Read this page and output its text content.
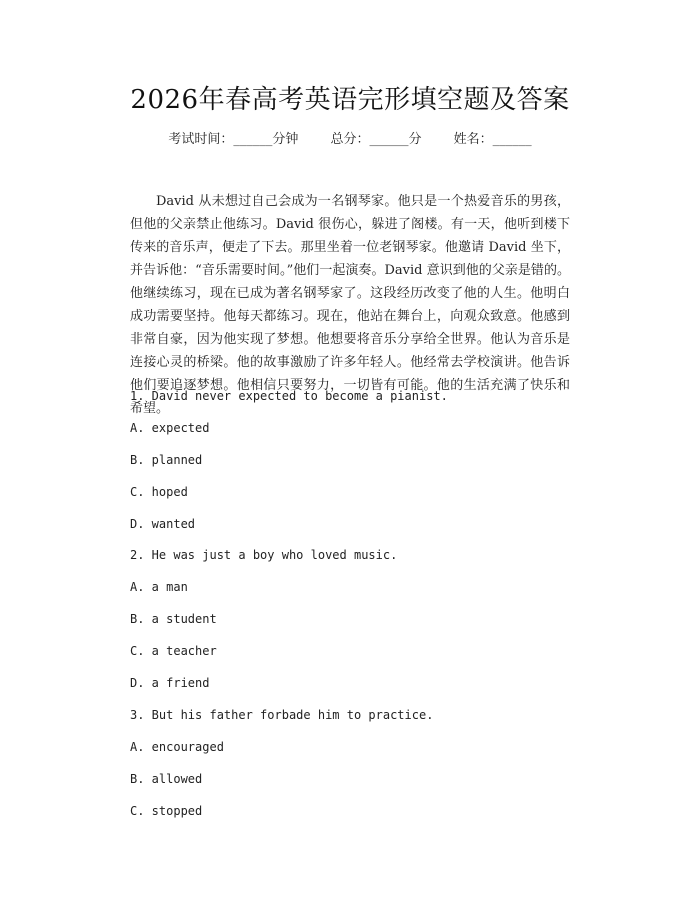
2026年春高考英语完形填空题及答案
考试时间：______分钟 总分：______分 姓名：______
David 从未想过自己会成为一名钢琴家。他只是一个热爱音乐的男孩，但他的父亲禁止他练习。David 很伤心，躲进了阁楼。有一天，他听到楼下传来的音乐声，便走了下去。那里坐着一位老钢琴家。他邀请 David 坐下，并告诉他：“音乐需要时间。”他们一起演奏。David 意识到他的父亲是错的。他继续练习，现在已成为著名钢琴家了。这段经历改变了他的人生。他明白成功需要坚持。他每天都练习。现在，他站在舞台上，向观众致意。他感到非常自豪，因为他实现了梦想。他想要将音乐分享给全世界。他认为音乐是连接心灵的桥梁。他的故事激励了许多年轻人。他经常去学校演讲。他告诉他们要追逐梦想。他相信只要努力，一切皆有可能。他的生活充满了快乐和希望。
1. David never expected to become a pianist.
A. expected
B. planned
C. hoped
D. wanted
2. He was just a boy who loved music.
A. a man
B. a student
C. a teacher
D. a friend
3. But his father forbade him to practice.
A. encouraged
B. allowed
C. stopped
